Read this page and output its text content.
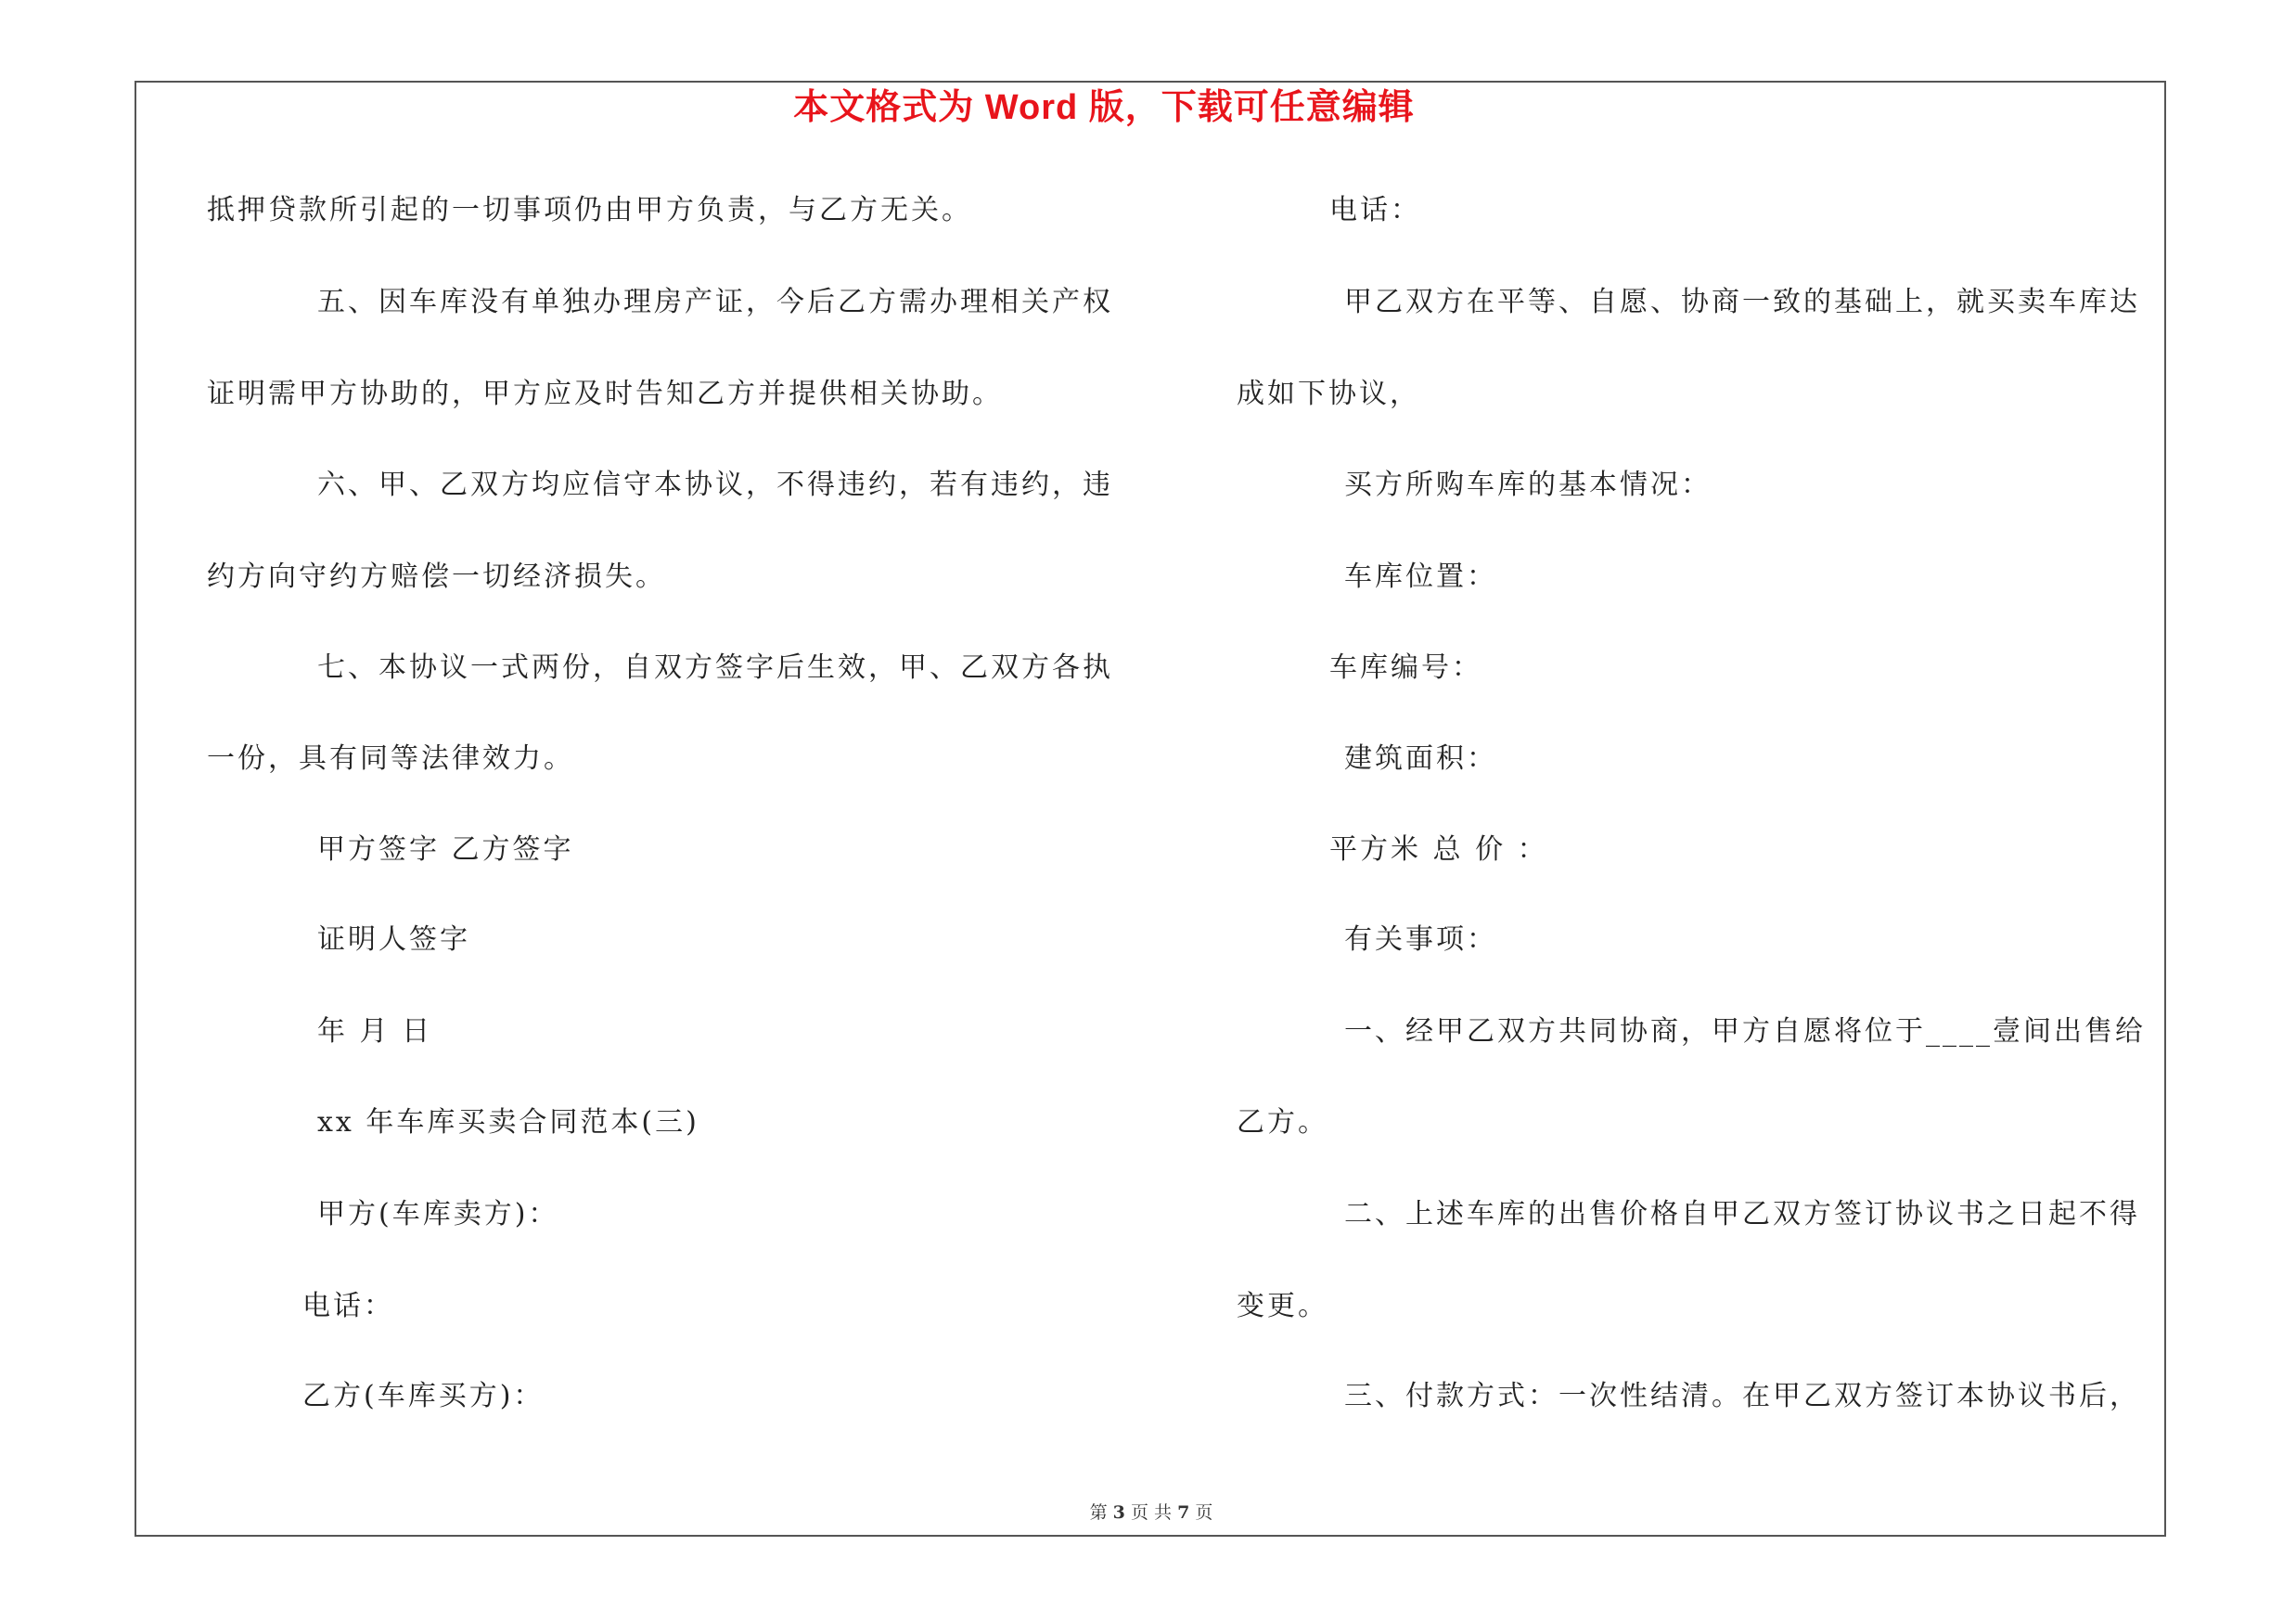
本文格式为 Word 版，下载可任意编辑
抵押贷款所引起的一切事项仍由甲方负责，与乙方无关。
五、因车库没有单独办理房产证，今后乙方需办理相关产权
证明需甲方协助的，甲方应及时告知乙方并提供相关协助。
六、甲、乙双方均应信守本协议，不得违约，若有违约，违
约方向守约方赔偿一切经济损失。
七、本协议一式两份，自双方签字后生效，甲、乙双方各执
一份，具有同等法律效力。
甲方签字 乙方签字
证明人签字
年 月 日
xx 年车库买卖合同范本(三)
甲方(车库卖方)：
电话：
乙方(车库买方)：
电话：
甲乙双方在平等、自愿、协商一致的基础上，就买卖车库达
成如下协议，
买方所购车库的基本情况：
车库位置：
车库编号：
建筑面积：
平方米 总 价 ：
有关事项：
一、经甲乙双方共同协商，甲方自愿将位于____壹间出售给
乙方。
二、上述车库的出售价格自甲乙双方签订协议书之日起不得
变更。
三、付款方式：一次性结清。在甲乙双方签订本协议书后，
第 3 页 共 7 页
